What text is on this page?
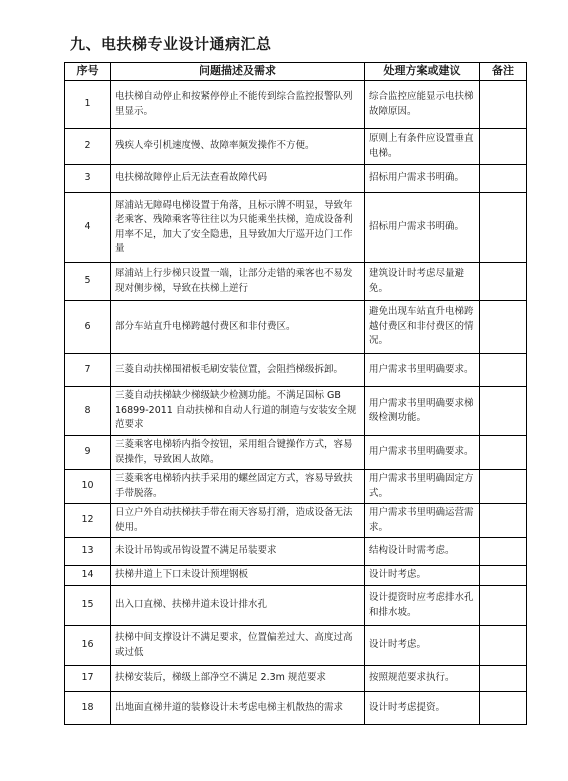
九、电扶梯专业设计通病汇总
序号	问题描述及需求	处理方案或建议	备注
1	电扶梯自动停止和按紧停停止不能传到综合监控报警队列里显示。	综合监控应能显示电扶梯故障原因。	
2	残疾人牵引机速度慢、故障率频发操作不方便。	原则上有条件应设置垂直电梯。	
3	电扶梯故障停止后无法查看故障代码	招标用户需求书明确。	
4	犀浦站无障碍电梯设置于角落，且标示牌不明显，导致年老乘客、残障乘客等往往以为只能乘坐扶梯，造成设备利用率不足，加大了安全隐患，且导致加大厅巡开边门工作量	招标用户需求书明确。	
5	犀浦站上行步梯只设置一端，让部分走错的乘客也不易发现对侧步梯，导致在扶梯上逆行	建筑设计时考虑尽量避免。	
6	部分车站直升电梯跨越付费区和非付费区。	避免出现车站直升电梯跨越付费区和非付费区的情况。	
7	三菱自动扶梯围裙板毛刷安装位置，会阻挡梯级拆卸。	用户需求书里明确要求。	
8	三菱自动扶梯缺少梯级缺少检测功能。不满足国标 GB 16899-2011 自动扶梯和自动人行道的制造与安装安全规范要求	用户需求书里明确要求梯级检测功能。	
9	三菱乘客电梯轿内指令按钮，采用组合键操作方式，容易误操作，导致困人故障。	用户需求书里明确要求。	
10	三菱乘客电梯轿内扶手采用的螺丝固定方式，容易导致扶手带脱落。	用户需求书里明确固定方式。	
12	日立户外自动扶梯扶手带在雨天容易打滑，造成设备无法使用。	用户需求书里明确运营需求。	
13	未设计吊钩或吊钩设置不满足吊装要求	结构设计时需考虑。	
14	扶梯井道上下口未设计预埋钢板	设计时考虑。	
15	出入口直梯、扶梯井道未设计排水孔	设计提资时应考虑排水孔和排水坡。	
16	扶梯中间支撑设计不满足要求，位置偏差过大、高度过高或过低	设计时考虑。	
17	扶梯安装后，梯级上部净空不满足 2.3m 规范要求	按照规范要求执行。	
18	出地面直梯井道的装修设计未考虑电梯主机散热的需求	设计时考虑提资。	
